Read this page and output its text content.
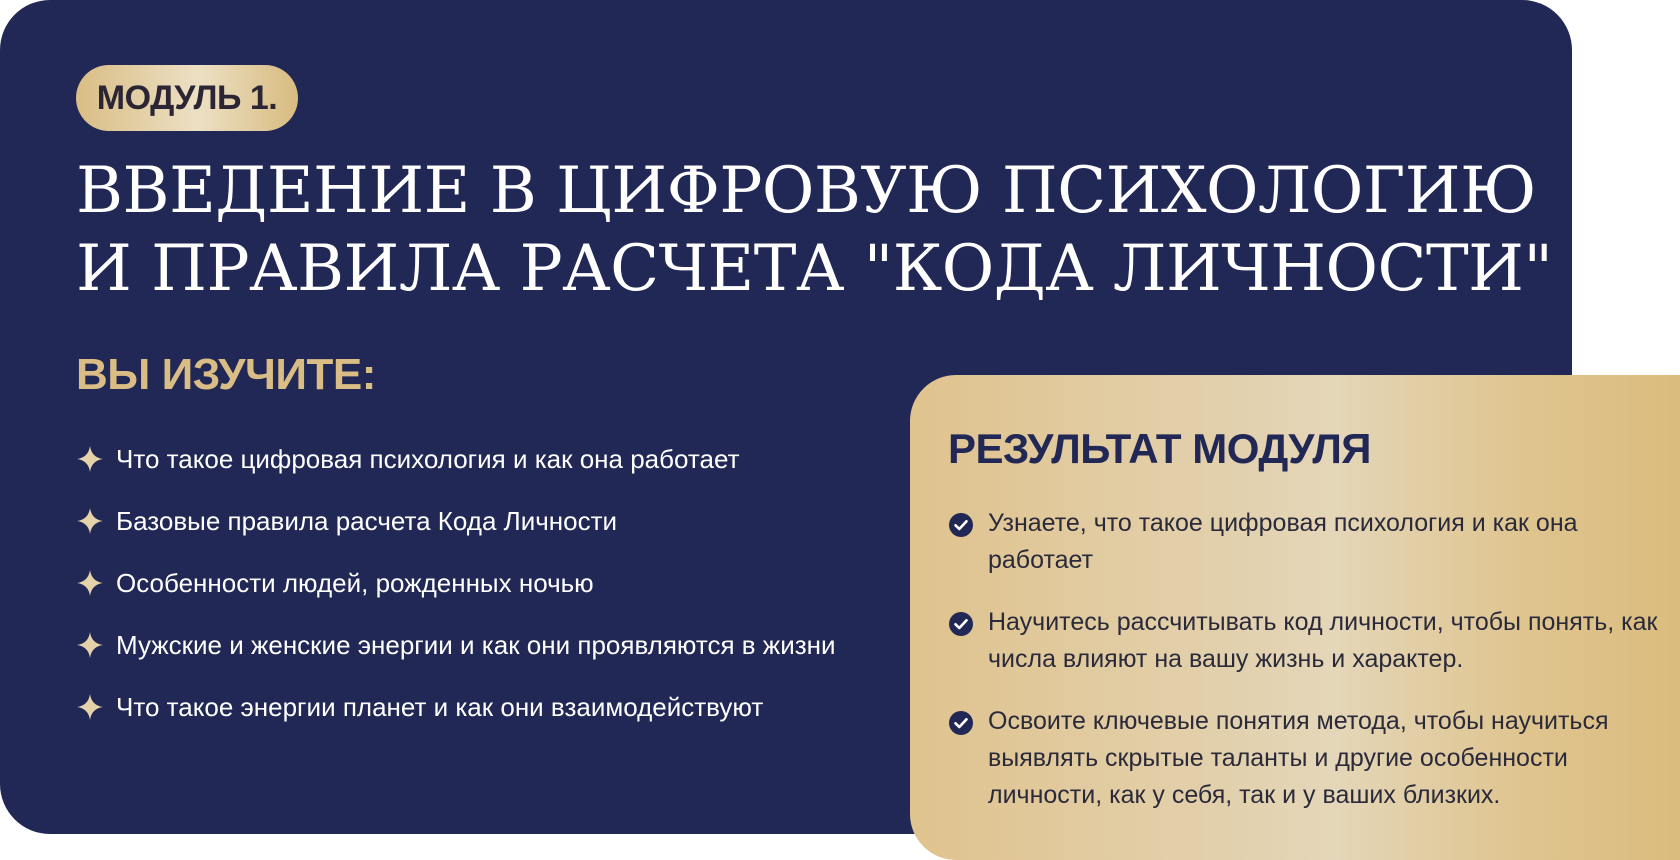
МОДУЛЬ 1.
ВВЕДЕНИЕ В ЦИФРОВУЮ ПСИХОЛОГИЮ
И ПРАВИЛА РАСЧЕТА "КОДА ЛИЧНОСТИ"
ВЫ ИЗУЧИТЕ:
Что такое цифровая психология и как она работает
Базовые правила расчета Кода Личности
Особенности людей, рожденных ночью
Мужские и женские энергии и как они проявляются в жизни
Что такое энергии планет и как они взаимодействуют
РЕЗУЛЬТАТ МОДУЛЯ
Узнаете, что такое цифровая психология и как она работает
Научитесь рассчитывать код личности, чтобы понять, как числа влияют на вашу жизнь и характер.
Освоите ключевые понятия метода, чтобы научиться выявлять скрытые таланты и другие особенности личности, как у себя, так и у ваших близких.
